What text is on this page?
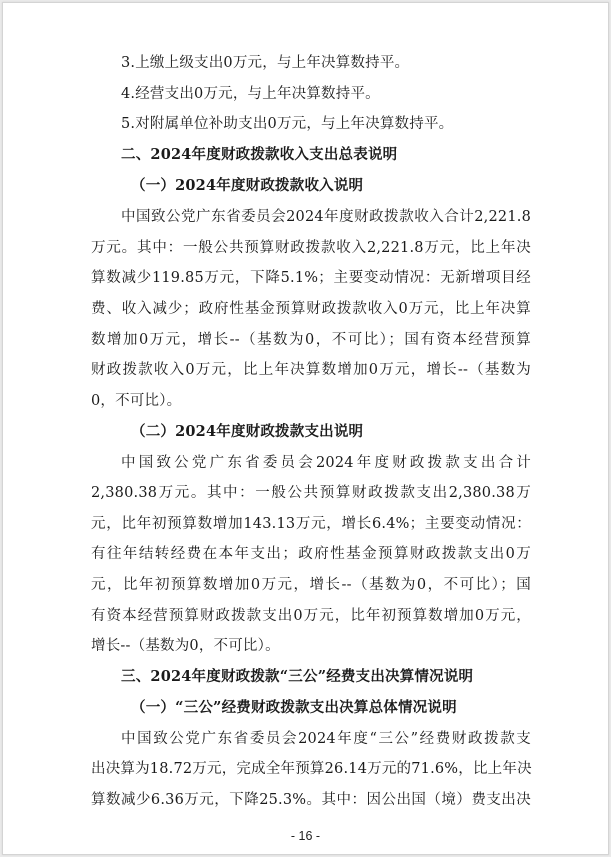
3.上缴上级支出0万元，与上年决算数持平。
4.经营支出0万元，与上年决算数持平。
5.对附属单位补助支出0万元，与上年决算数持平。
二、2024年度财政拨款收入支出总表说明
（一）2024年度财政拨款收入说明
中国致公党广东省委员会2024年度财政拨款收入合计2,221.8
万元。其中：一般公共预算财政拨款收入2,221.8万元，比上年决
算数减少119.85万元，下降5.1%；主要变动情况：无新增项目经
费、收入减少；政府性基金预算财政拨款收入0万元，比上年决算
数增加0万元，增长--（基数为0，不可比）；国有资本经营预算
财政拨款收入0万元，比上年决算数增加0万元，增长--（基数为
0，不可比）。
（二）2024年度财政拨款支出说明
中国致公党广东省委员会2024年度财政拨款支出合计
2,380.38万元。其中：一般公共预算财政拨款支出2,380.38万
元，比年初预算数增加143.13万元，增长6.4%；主要变动情况：
有往年结转经费在本年支出；政府性基金预算财政拨款支出0万
元，比年初预算数增加0万元，增长--（基数为0，不可比）；国
有资本经营预算财政拨款支出0万元，比年初预算数增加0万元，
增长--（基数为0，不可比）。
三、2024年度财政拨款“三公”经费支出决算情况说明
（一）“三公”经费财政拨款支出决算总体情况说明
中国致公党广东省委员会2024年度“三公”经费财政拨款支
出决算为18.72万元，完成全年预算26.14万元的71.6%，比上年决
算数减少6.36万元，下降25.3%。其中：因公出国（境）费支出决
- 16 -
